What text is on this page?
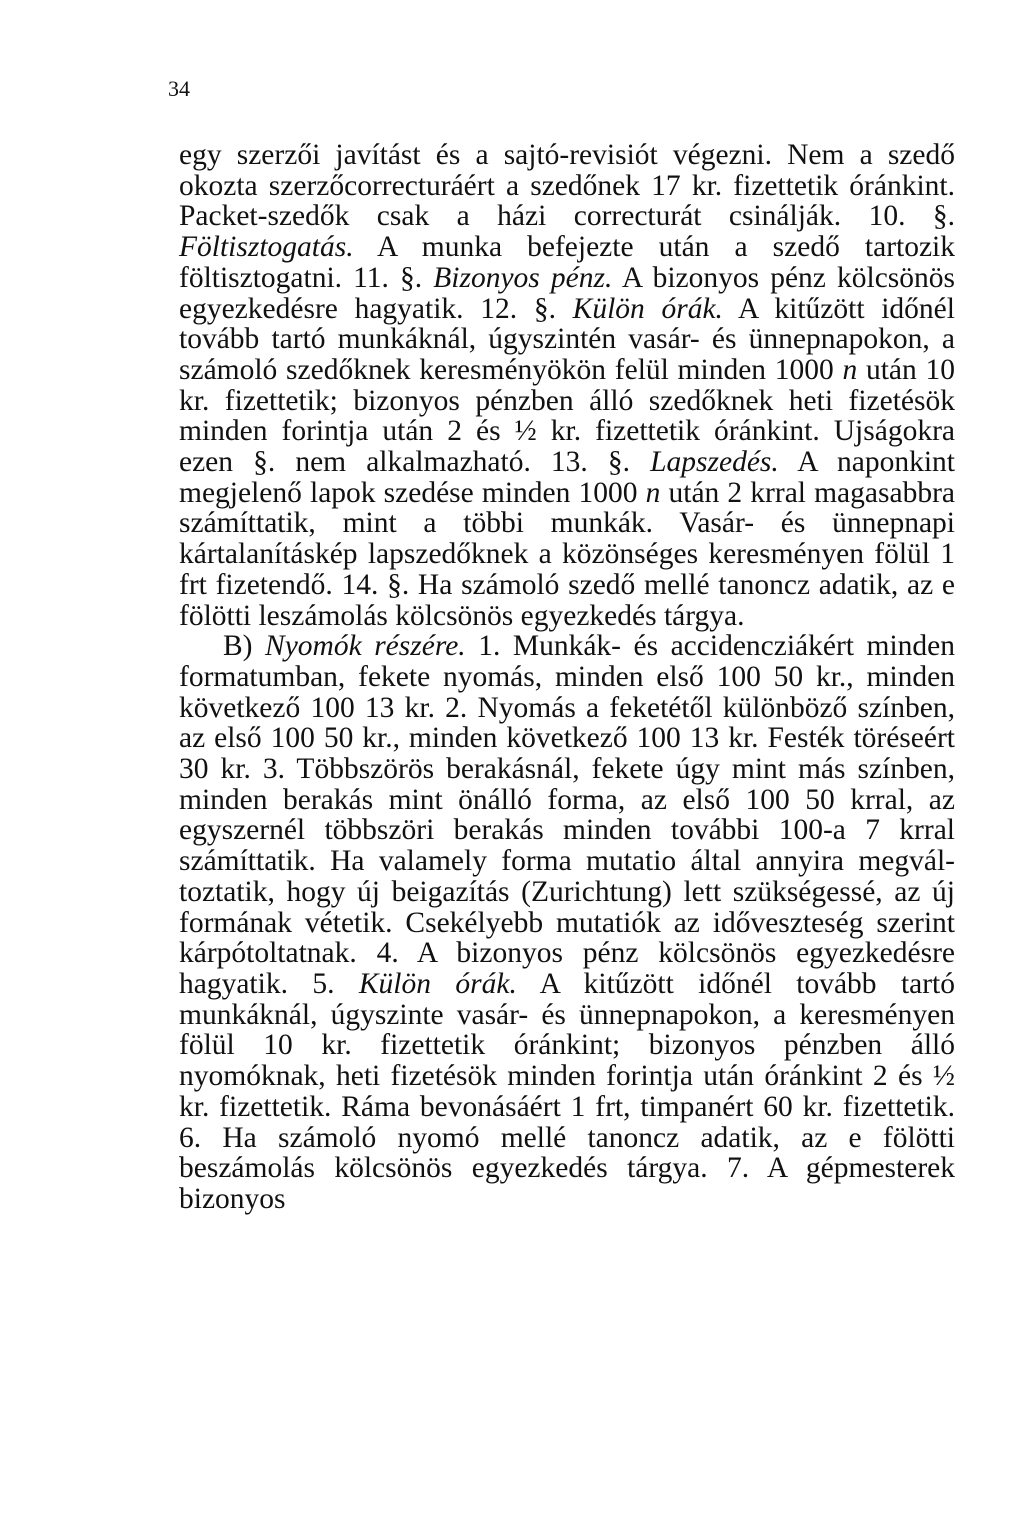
34

egy szerzői javítást és a sajtó-revisiót végezni. Nem a szedő okozta szerzőcorrecturáért a szedőnek 17 kr. fizettetik óránkint. Packet-szedők csak a házi correcturát csinálják. 10. §. Föltisztogatás. A munka befejezte után a szedő tartozik föltisztogatni. 11. §. Bizonyos pénz. A bizonyos pénz kölcsönös egyezkedésre hagyatik. 12. §. Külön órák. A kitűzött időnél tovább tartó munkáknál, úgyszintén vasár- és ünnepnapokon, a számoló szedőknek keresményökön felül minden 1000 n után 10 kr. fizettetik; bizonyos pénzben álló szedőknek heti fizetésök minden forintja után 2 és ½ kr. fizettetik óránkint. Ujságokra ezen §. nem alkalmazható. 13. §. Lapszedés. A naponkint megjelenő lapok szedése minden 1000 n után 2 krral magasabbra számíttatik, mint a többi munkák. Vasár- és ünnepnapi kártalanításkép lapszedőknek a közönséges keresményen fölül 1 frt fizetendő. 14. §. Ha számoló szedő mellé tanoncz adatik, az e fölötti leszámolás kölcsönös egyezkedés tárgya.

B) Nyomók részére. 1. Munkák- és accidencziákért minden formatumban, fekete nyomás, minden első 100 50 kr., minden következő 100 13 kr. 2. Nyomás a feketétől különböző színben, az első 100 50 kr., minden következő 100 13 kr. Festék töréseért 30 kr. 3. Többszörös berakásnál, fekete úgy mint más színben, minden berakás mint önálló forma, az első 100 50 krral, az egyszernél többszöri berakás minden további 100-a 7 krral számíttatik. Ha valamely forma mutatio által annyira megváltoztatik, hogy új beigazítás (Zurichtung) lett szükségessé, az új formának vétetik. Csekélyebb mutatiók az időveszteség szerint kárpótoltatnak. 4. A bizonyos pénz kölcsönös egyezkedésre hagyatik. 5. Külön órák. A kitűzött időnél tovább tartó munkáknál, úgyszinte vasár- és ünnepnapokon, a keresményen fölül 10 kr. fizettetik óránkint; bizonyos pénzben álló nyomóknak, heti fizetésök minden forintja után óránkint 2 és ½ kr. fizettetik. Ráma bevonásáért 1 frt, timpanért 60 kr. fizettetik. 6. Ha számoló nyomó mellé tanoncz adatik, az e fölötti beszámolás kölcsönös egyezkedés tárgya. 7. A gépmesterek bizonyos
